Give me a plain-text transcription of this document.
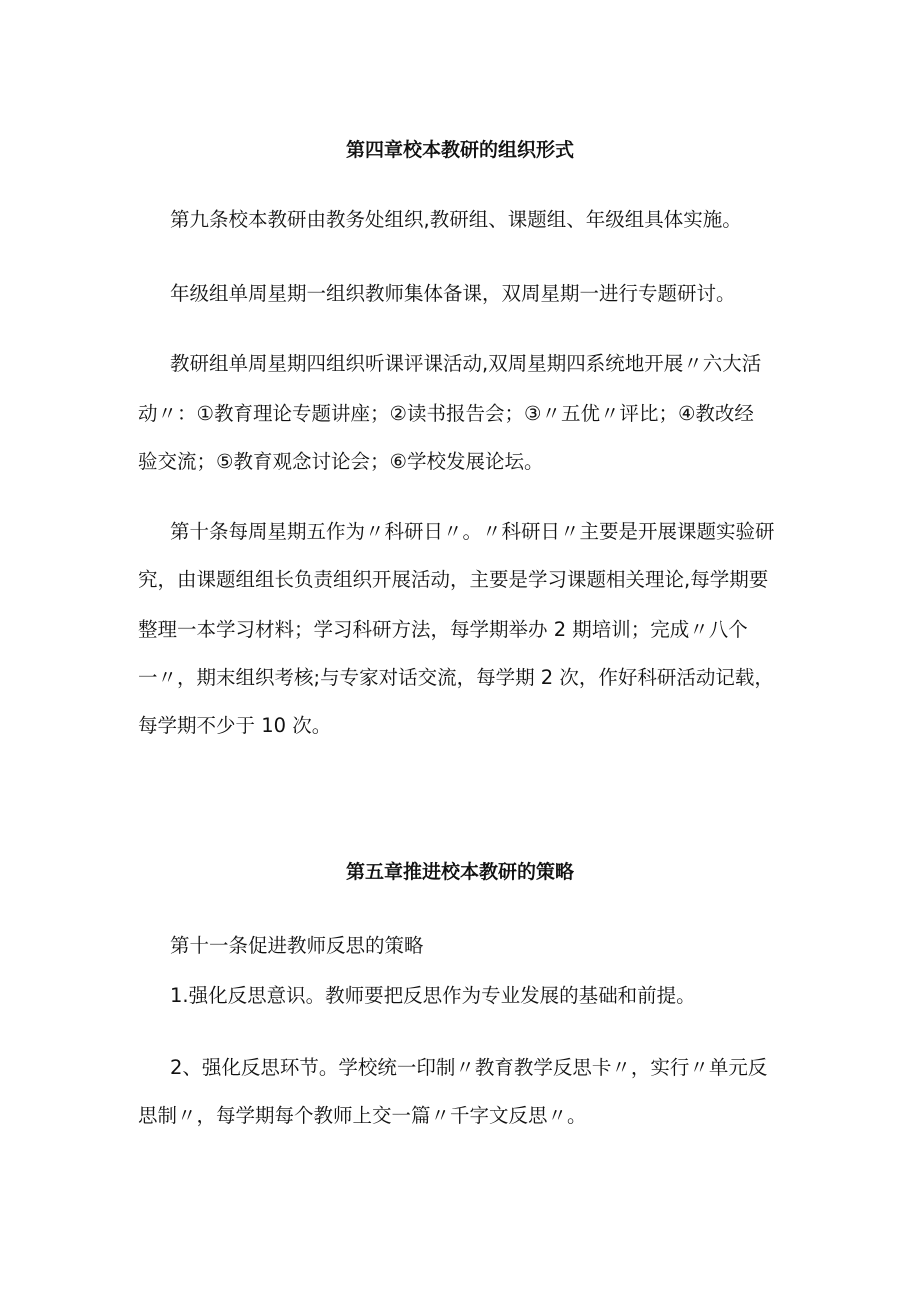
第四章校本教研的组织形式

第九条校本教研由教务处组织,教研组、课题组、年级组具体实施。

年级组单周星期一组织教师集体备课，双周星期一进行专题研讨。

教研组单周星期四组织听课评课活动,双周星期四系统地开展〃六大活

动〃：①教育理论专题讲座；②读书报告会；③〃五优〃评比；④教改经

验交流；⑤教育观念讨论会；⑥学校发展论坛。

第十条每周星期五作为〃科研日〃。〃科研日〃主要是开展课题实验研

究，由课题组组长负责组织开展活动，主要是学习课题相关理论,每学期要

整理一本学习材料；学习科研方法，每学期举办 2 期培训；完成〃八个

一〃，期末组织考核;与专家对话交流，每学期 2 次，作好科研活动记载，

每学期不少于 10 次。

第五章推进校本教研的策略

第十一条促进教师反思的策略

1.强化反思意识。教师要把反思作为专业发展的基础和前提。

2、强化反思环节。学校统一印制〃教育教学反思卡〃，实行〃单元反

思制〃，每学期每个教师上交一篇〃千字文反思〃。
